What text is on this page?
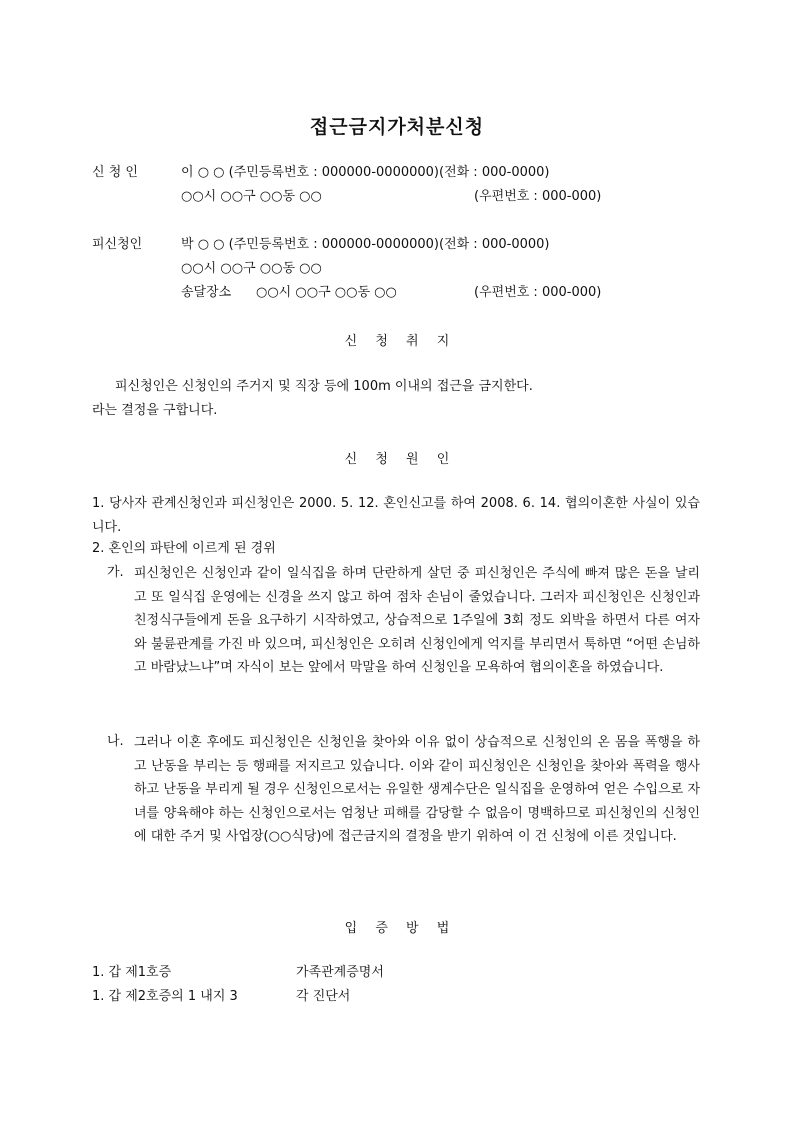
접근금지가처분신청
신 청 인	이 ○ ○ (주민등록번호 : 000000-0000000)(전화 : 000-0000)
○○시 ○○구 ○○동 ○○	(우편번호 : 000-000)
피신청인	박 ○ ○ (주민등록번호 : 000000-0000000)(전화 : 000-0000)
○○시 ○○구 ○○동 ○○
송달장소 ○○시 ○○구 ○○동 ○○	(우편번호 : 000-000)
신 청 취 지
피신청인은 신청인의 주거지 및 직장 등에 100m 이내의 접근을 금지한다.
라는 결정을 구합니다.
신 청 원 인
1. 당사자 관계신청인과 피신청인은 2000. 5. 12. 혼인신고를 하여 2008. 6. 14. 협의이혼한 사실이 있습니다.
2. 혼인의 파탄에 이르게 된 경위
가. 피신청인은 신청인과 같이 일식집을 하며 단란하게 살던 중 피신청인은 주식에 빠져 많은 돈을 날리고 또 일식집 운영에는 신경을 쓰지 않고 하여 점차 손님이 줄었습니다. 그러자 피신청인은 신청인과 친정식구들에게 돈을 요구하기 시작하였고, 상습적으로 1주일에 3회 정도 외박을 하면서 다른 여자와 불륜관계를 가진 바 있으며, 피신청인은 오히려 신청인에게 억지를 부리면서 툭하면 “어떤 손님하고 바람났느냐”며 자식이 보는 앞에서 막말을 하여 신청인을 모욕하여 협의이혼을 하였습니다.
나. 그러나 이혼 후에도 피신청인은 신청인을 찾아와 이유 없이 상습적으로 신청인의 온 몸을 폭행을 하고 난동을 부리는 등 행패를 저지르고 있습니다. 이와 같이 피신청인은 신청인을 찾아와 폭력을 행사하고 난동을 부리게 될 경우 신청인으로서는 유일한 생계수단은 일식집을 운영하여 얻은 수입으로 자녀를 양육해야 하는 신청인으로서는 엄청난 피해를 감당할 수 없음이 명백하므로 피신청인의 신청인에 대한 주거 및 사업장(○○식당)에 접근금지의 결정을 받기 위하여 이 건 신청에 이른 것입니다.
입 증 방 법
1. 갑 제1호증	가족관계증명서
1. 갑 제2호증의 1 내지 3	각 진단서
